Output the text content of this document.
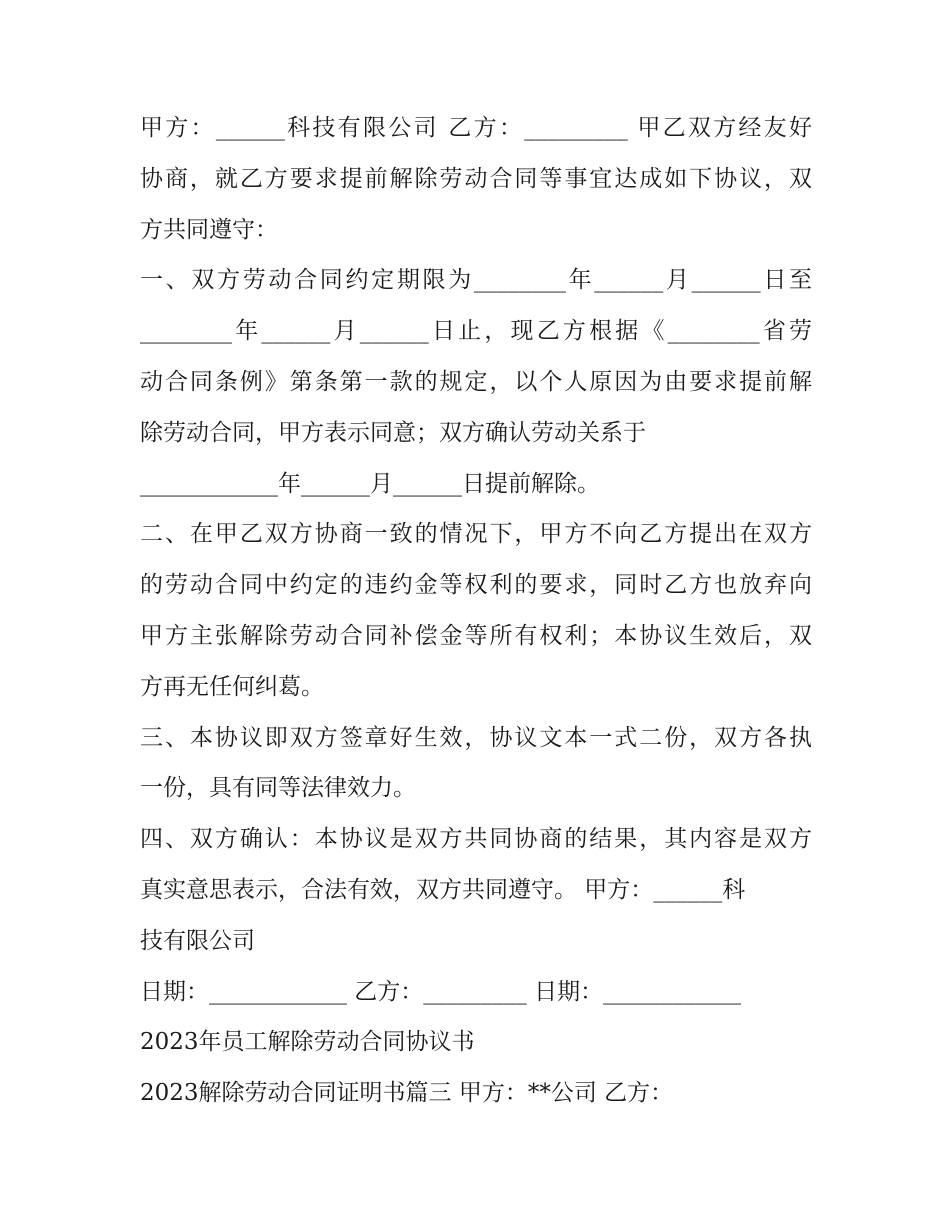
甲方：______科技有限公司 乙方：_________ 甲乙双方经友好
协商，就乙方要求提前解除劳动合同等事宜达成如下协议，双
方共同遵守：
一、双方劳动合同约定期限为________年______月______日至
________年______月______日止，现乙方根据《________省劳
动合同条例》第条第一款的规定，以个人原因为由要求提前解
除劳动合同，甲方表示同意；双方确认劳动关系于
____________年______月______日提前解除。
二、在甲乙双方协商一致的情况下，甲方不向乙方提出在双方
的劳动合同中约定的违约金等权利的要求，同时乙方也放弃向
甲方主张解除劳动合同补偿金等所有权利；本协议生效后，双
方再无任何纠葛。
三、本协议即双方签章好生效，协议文本一式二份，双方各执
一份，具有同等法律效力。
四、双方确认：本协议是双方共同协商的结果，其内容是双方
真实意思表示，合法有效，双方共同遵守。 甲方：______科
技有限公司
日期：____________ 乙方：_________ 日期：____________
2023年员工解除劳动合同协议书
2023解除劳动合同证明书篇三 甲方：**公司 乙方：
